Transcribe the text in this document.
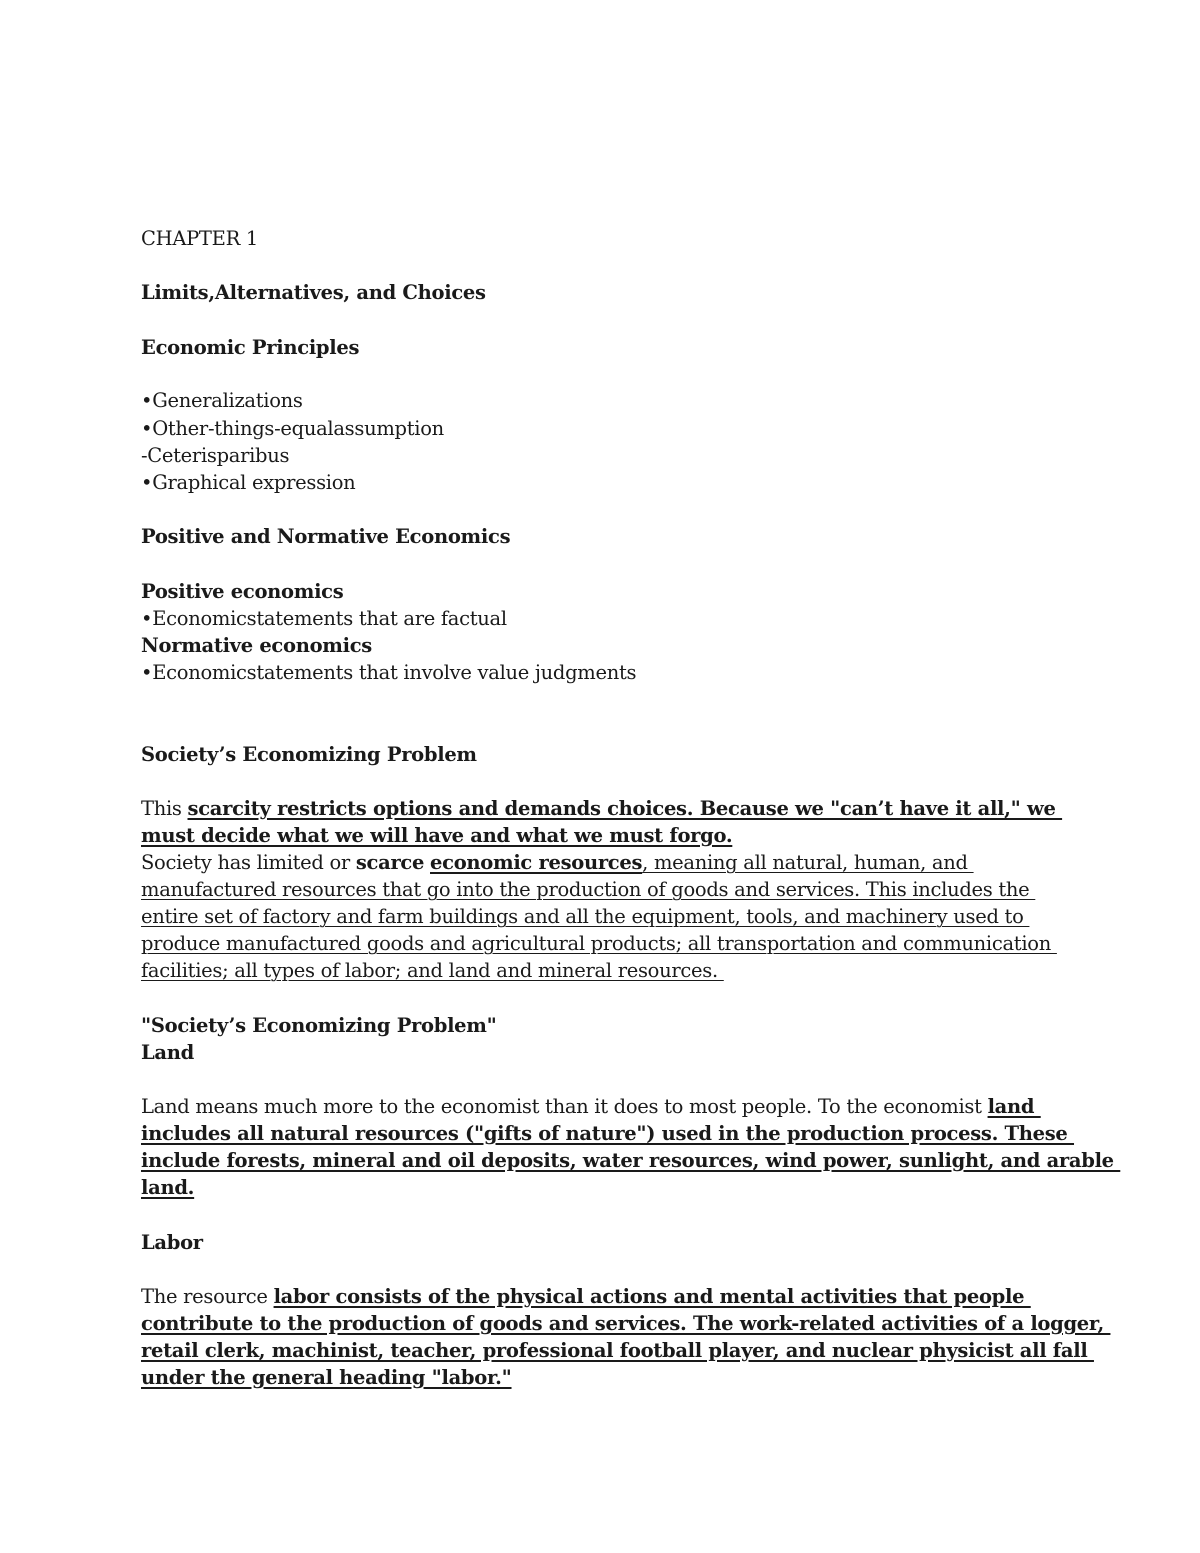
CHAPTER 1

Limits,Alternatives, and Choices

Economic Principles

•Generalizations

•Other-things-equalassumption

-Ceterisparibus

•Graphical expression

Positive and Normative Economics

Positive economics

•Economicstatements that are factual

Normative economics

•Economicstatements that involve value judgments

Society’s Economizing Problem

This scarcity restricts options and demands choices. Because we "can’t have it all," we

must decide what we will have and what we must forgo.

Society has limited or scarce economic resources, meaning all natural, human, and

manufactured resources that go into the production of goods and services. This includes the

entire set of factory and farm buildings and all the equipment, tools, and machinery used to

produce manufactured goods and agricultural products; all transportation and communication

facilities; all types of labor; and land and mineral resources.

"Society’s Economizing Problem"

Land

Land means much more to the economist than it does to most people. To the economist land

includes all natural resources ("gifts of nature") used in the production process. These

include forests, mineral and oil deposits, water resources, wind power, sunlight, and arable

land.

Labor

The resource labor consists of the physical actions and mental activities that people

contribute to the production of goods and services. The work-related activities of a logger,

retail clerk, machinist, teacher, professional football player, and nuclear physicist all fall

under the general heading "labor."
